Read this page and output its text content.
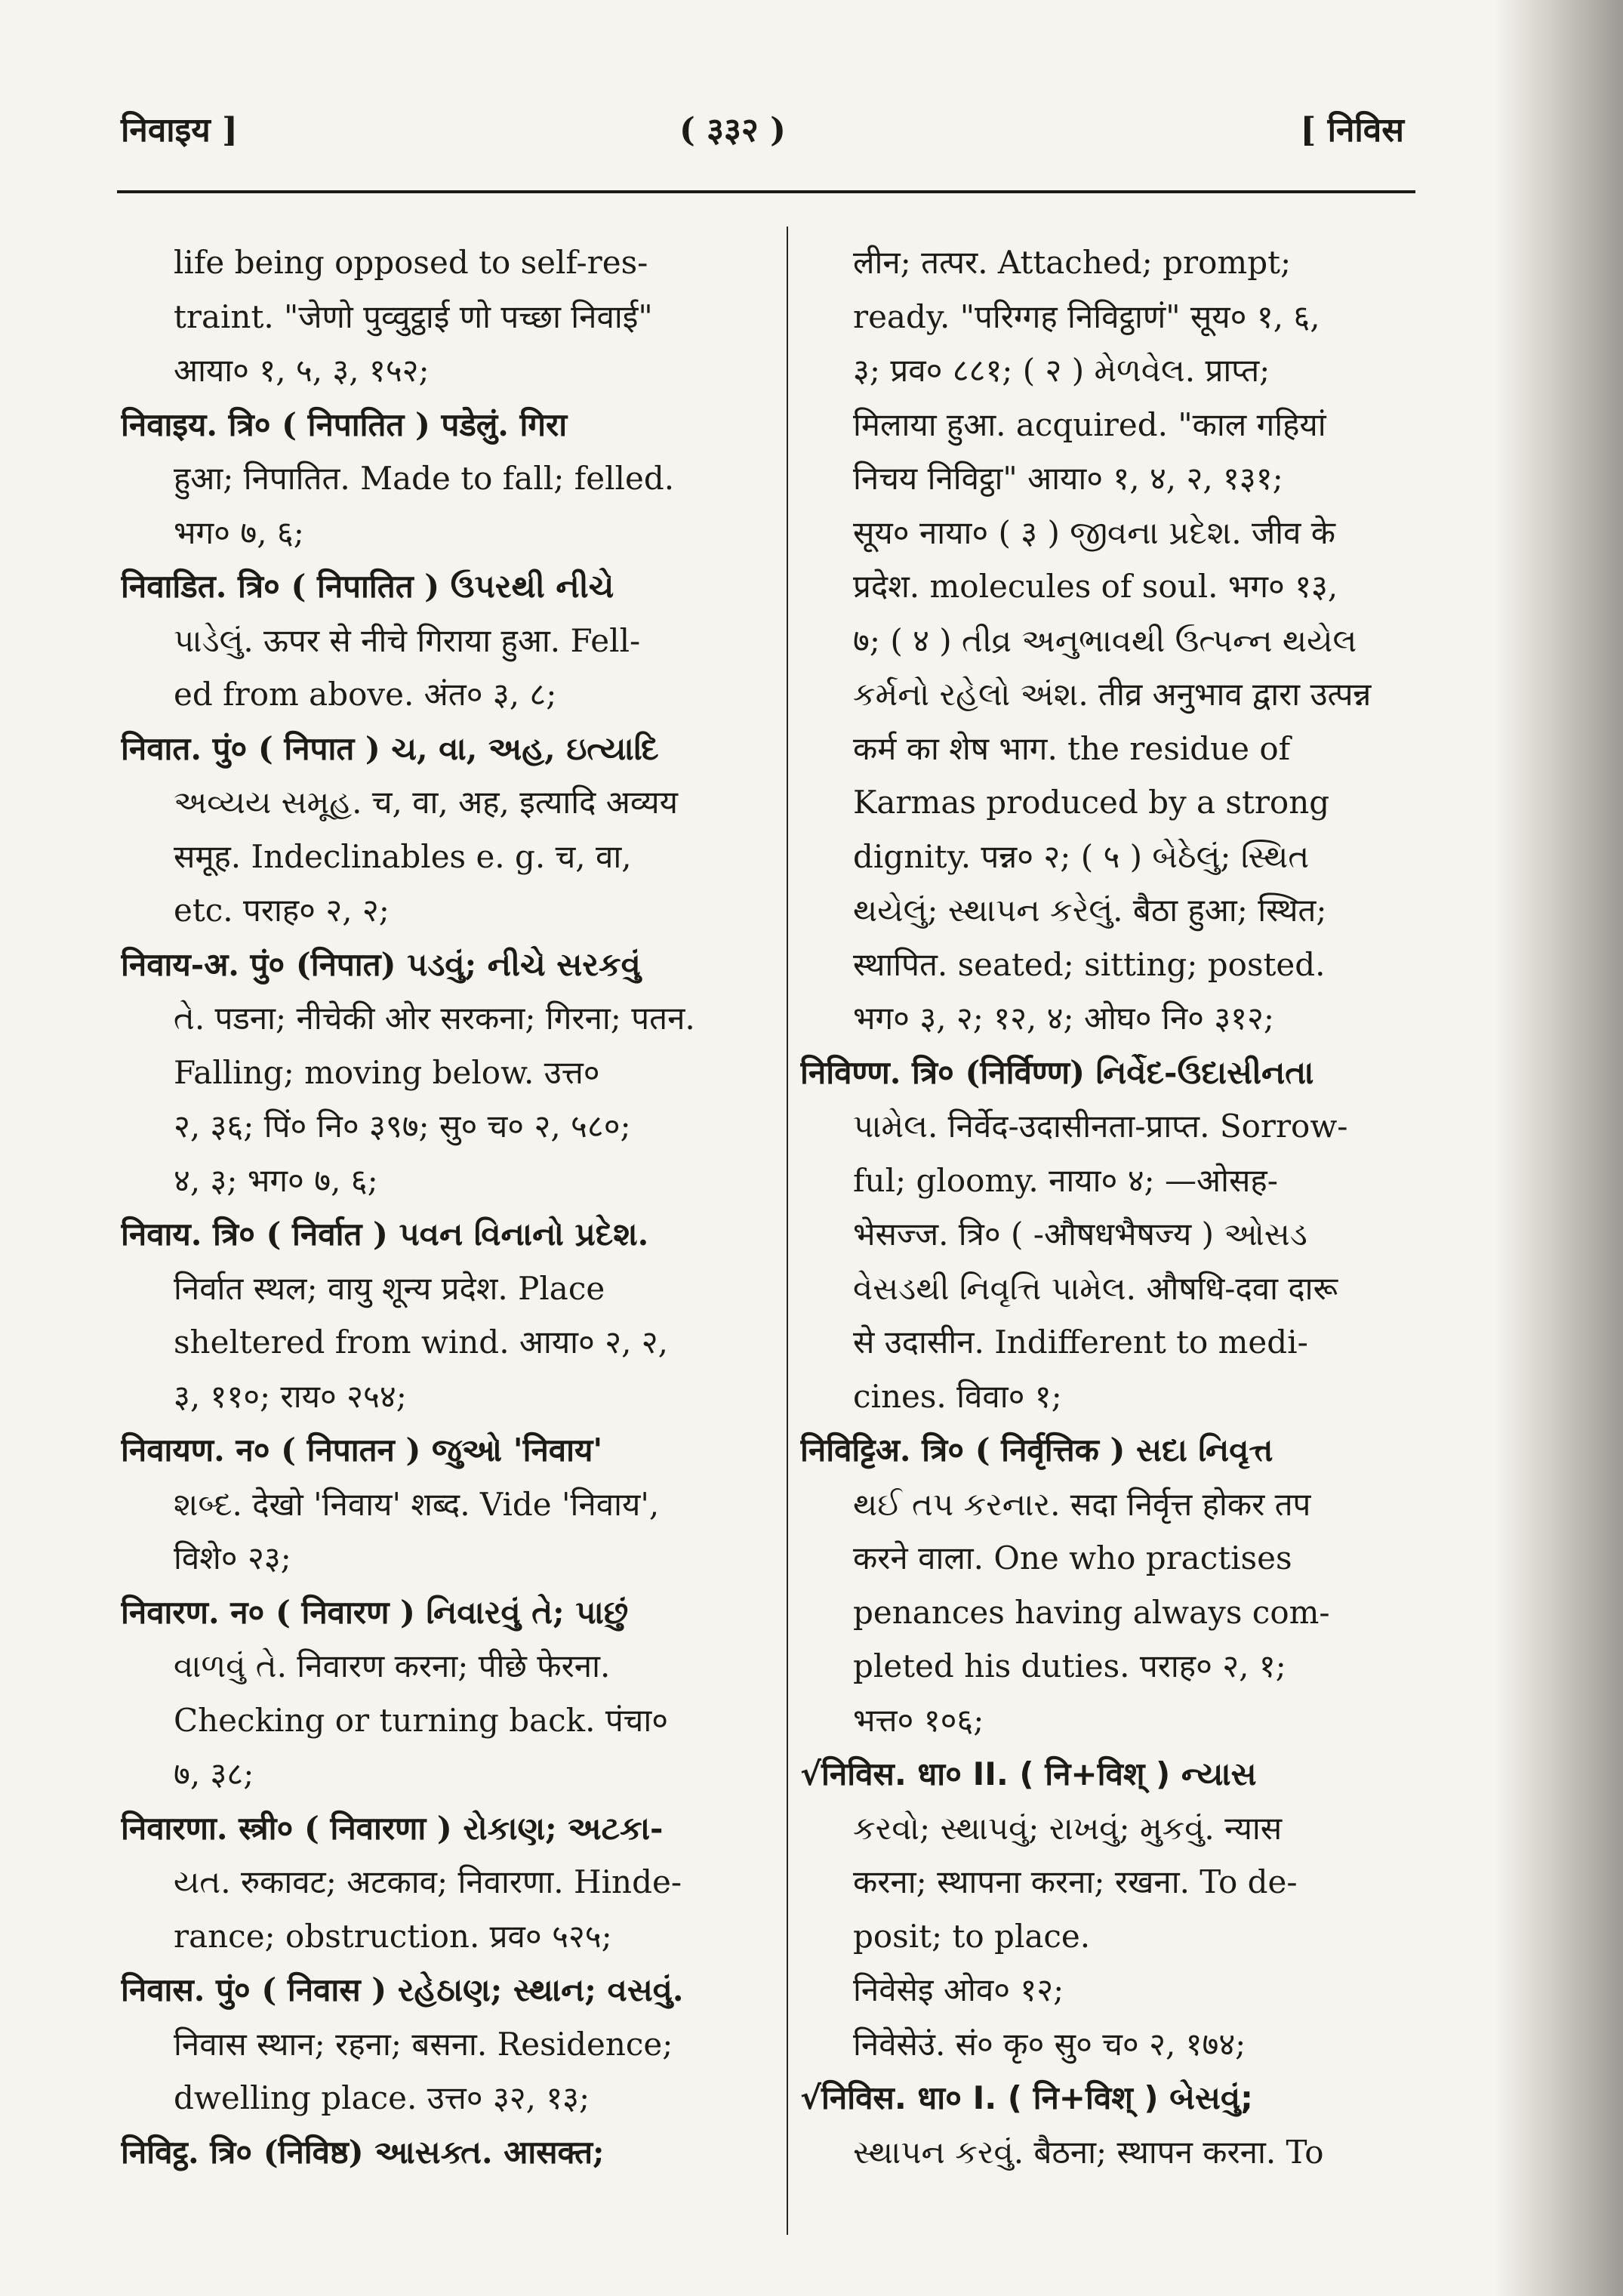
निवाइय ]	( ३३२ )	[ निविस
life being opposed to self-res-
traint. "जेणो पुव्वुट्ठाई णो पच्छा निवाई"
आया० १, ५, ३, १५२;
निवाइय. त्रि० ( निपातित ) पडेलुं. गिरा
हुआ; निपातित. Made to fall; felled.
भग० ७, ६;
निवाडित. त्रि० ( निपातित ) ઉપરથી નીચે
પાડેલું. ऊपर से नीचे गिराया हुआ. Fell-
ed from above. अंत० ३, ८;
निवात. पुं० ( निपात ) ચ, વા, અહ, ઇત્યાદિ
અવ્યય સમૂહ. च, वा, अह, इत्यादि अव्यय
समूह. Indeclinables e. g. च, वा,
etc. पराह० २, २;
निवाय-अ. पुं० (निपात) પડવું; નીચે સરકવું
તે. पडना; नीचेकी ओर सरकना; गिरना; पतन.
Falling; moving below. उत्त०
२, ३६; पिं० नि० ३९७; सु० च० २, ५८०;
४, ३; भग० ७, ६;
निवाय. त्रि० ( निर्वात ) પવન વિનાનો પ્રદેશ.
निर्वात स्थल; वायु शून्य प्रदेश. Place
sheltered from wind. आया० २, २,
३, ११०; राय० २५४;
निवायण. न० ( निपातन ) જુઓ 'निवाय'
શબ્દ. देखो 'निवाय' शब्द. Vide 'निवाय',
विशे० २३;
निवारण. न० ( निवारण ) નિવારવું તે; પાછું
વાળવું તે. निवारण करना; पीछे फेरना.
Checking or turning back. पंचा०
७, ३८;
निवारणा. स्त्री० ( निवारणा ) રોકાણ; અટકા-
યત. रुकावट; अटकाव; निवारणा. Hinde-
rance; obstruction. प्रव० ५२५;
निवास. पुं० ( निवास ) રહેઠાણ; સ્થાન; વસવું.
निवास स्थान; रहना; बसना. Residence;
dwelling place. उत्त० ३२, १३;
निविट्ठ. त्रि० (निविष्ठ) આસક્ત. आसक्त;
लीन; तत्पर. Attached; prompt;
ready. "परिग्गह निविट्ठाणं" सूय० १, ६,
३; प्रव० ८८१; ( २ ) મેળવેલ. प्राप्त;
मिलाया हुआ. acquired. "काल गहियां
निचय निविट्ठा" आया० १, ४, २, १३१;
सूय० नाया० ( ३ ) જીવના પ્રદેશ. जीव के
प्रदेश. molecules of soul. भग० १३,
७; ( ४ ) તીવ્ર અનુભાવથી ઉત્પન્ન થયેલ
કર્મનો રહેલો અંશ. तीव्र अनुभाव द्वारा उत्पन्न
कर्म का शेष भाग. the residue of
Karmas produced by a strong
dignity. पन्न० २; ( ५ ) બેઠેલું; સ્થિત
થયેલું; સ્થાપન કરેલું. बैठा हुआ; स्थित;
स्थापित. seated; sitting; posted.
भग० ३, २; १२, ४; ओघ० नि० ३१२;
निविण्ण. त्रि० (निर्विण्ण) નિર્વેદ-ઉદાસીનતા
પામેલ. निर्वेद-उदासीनता-प्राप्त. Sorrow-
ful; gloomy. नाया० ४; —ओसह-
भेसज्ज. त्रि० ( -औषधभैषज्य ) ઓસડ
વેસડથી નિવૃત્તિ પામેલ. औषधि-दवा दारू
से उदासीन. Indifferent to medi-
cines. विवा० १;
निविट्टिअ. त्रि० ( निर्वृत्तिक ) સદા નિવૃત્ત
થઈ તપ કરનાર. सदा निर्वृत्त होकर तप
करने वाला. One who practises
penances having always com-
pleted his duties. पराह० २, १;
भत्त० १०६;
√निविस. धा० II. ( नि+विश् ) ન્યાસ
કરવો; સ્થાપવું; રાખવું; મુકવું. न्यास
करना; स्थापना करना; रखना. To de-
posit; to place.
निवेसेइ ओव० १२;
निवेसेउं. सं० कृ० सु० च० २, १७४;
√निविस. धा० I. ( नि+विश् ) બેસવું;
સ્થાપન કરવું. बैठना; स्थापन करना. To
